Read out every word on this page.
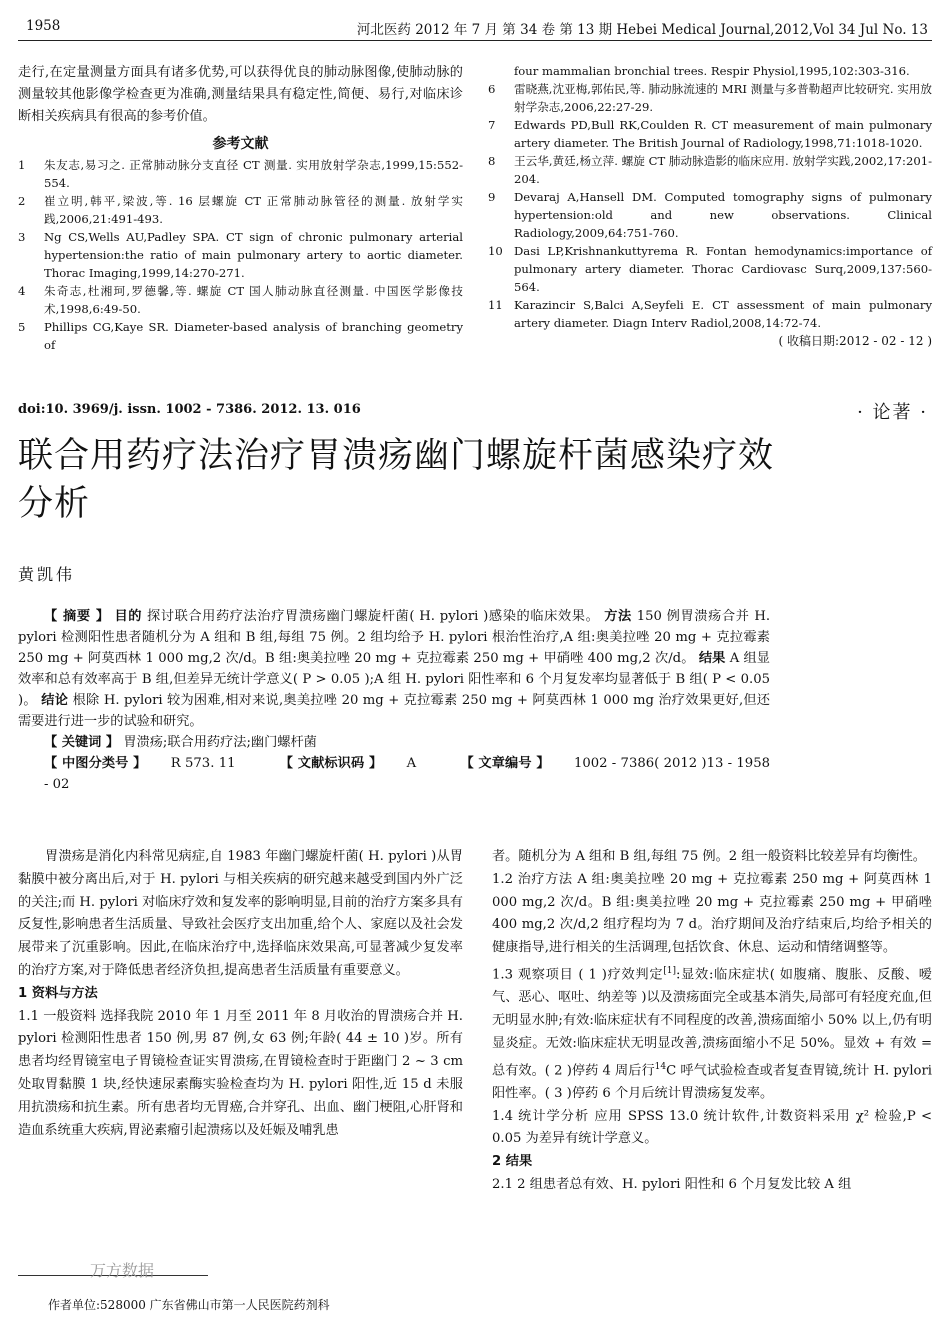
1958	河北医药 2012 年 7 月 第 34 卷 第 13 期 Hebei Medical Journal,2012,Vol 34 Jul No. 13

走行,在定量测量方面具有诸多优势,可以获得优良的肺动脉图像,使肺动脉的测量较其他影像学检查更为准确,测量结果具有稳定性,简便、易行,对临床诊断相关疾病具有很高的参考价值。

参考文献
1	朱友志,易习之. 正常肺动脉分支直径 CT 测量. 实用放射学杂志,1999,15:552-554.
2	崔立明,韩平,梁波,等. 16 层螺旋 CT 正常肺动脉管径的测量. 放射学实践,2006,21:491-493.
3	Ng CS,Wells AU,Padley SPA. CT sign of chronic pulmonary arterial hypertension:the ratio of main pulmonary artery to aortic diameter. Thorac Imaging,1999,14:270-271.
4	朱奇志,杜湘珂,罗德馨,等. 螺旋 CT 国人肺动脉直径测量. 中国医学影像技术,1998,6:49-50.
5	Phillips CG,Kaye SR. Diameter-based analysis of branching geometry of
four mammalian bronchial trees. Respir Physiol,1995,102:303-316.
6	雷晓燕,沈亚梅,郭佑民,等. 肺动脉流速的 MRI 测量与多普勒超声比较研究. 实用放射学杂志,2006,22:27-29.
7	Edwards PD,Bull RK,Coulden R. CT measurement of main pulmonary artery diameter. The British Journal of Radiology,1998,71:1018-1020.
8	王云华,黄廷,杨立萍. 螺旋 CT 肺动脉造影的临床应用. 放射学实践,2002,17:201-204.
9	Devaraj A,Hansell DM. Computed tomography signs of pulmonary hypertension:old and new observations. Clinical Radiology,2009,64:751-760.
10 Dasi LP,Krishnankuttyrema R. Fontan hemodynamics:importance of pulmonary artery diameter. Thorac Cardiovasc Surq,2009,137:560-564.
11 Karazincir S,Balci A,Seyfeli E. CT assessment of main pulmonary artery diameter. Diagn Interv Radiol,2008,14:72-74.
( 收稿日期:2012 - 02 - 12 )
doi:10. 3969/j. issn. 1002 - 7386. 2012. 13. 016	· 论著 ·
联合用药疗法治疗胃溃疡幽门螺旋杆菌感染疗效分析
黄凯伟

【 摘要 】 目的 探讨联合用药疗法治疗胃溃疡幽门螺旋杆菌( H. pylori )感染的临床效果。 方法 150 例胃溃疡合并 H. pylori 检测阳性患者随机分为 A 组和 B 组,每组 75 例。2 组均给予 H. pylori 根治性治疗,A 组:奥美拉唑 20 mg + 克拉霉素 250 mg + 阿莫西林 1 000 mg,2 次/d。B 组:奥美拉唑 20 mg + 克拉霉素 250 mg + 甲硝唑 400 mg,2 次/d。 结果 A 组显效率和总有效率高于 B 组,但差异无统计学意义( P > 0.05 );A 组 H. pylori 阳性率和 6 个月复发率均显著低于 B 组( P < 0.05 )。 结论 根除 H. pylori 较为困难,相对来说,奥美拉唑 20 mg + 克拉霉素 250 mg + 阿莫西林 1 000 mg 治疗效果更好,但还需要进行进一步的试验和研究。

【 关键词 】 胃溃疡;联合用药疗法;幽门螺杆菌

【 中图分类号 】 R 573. 11	【 文献标识码 】 A	【 文章编号 】 1002 - 7386( 2012 )13 - 1958 - 02

胃溃疡是消化内科常见病症,自 1983 年幽门螺旋杆菌( H. pylori )从胃黏膜中被分离出后,对于 H. pylori 与相关疾病的研究越来越受到国内外广泛的关注;而 H. pylori 对临床疗效和复发率的影响明显,目前的治疗方案多具有反复性,影响患者生活质量、导致社会医疗支出加重,给个人、家庭以及社会发展带来了沉重影响。因此,在临床治疗中,选择临床效果高,可显著减少复发率的治疗方案,对于降低患者经济负担,提高患者生活质量有重要意义。

1 资料与方法

1.1 一般资料 选择我院 2010 年 1 月至 2011 年 8 月收治的胃溃疡合并 H. pylori 检测阳性患者 150 例,男 87 例,女 63 例;年龄( 44 ± 10 )岁。所有患者均经胃镜室电子胃镜检查证实胃溃疡,在胃镜检查时于距幽门 2 ~ 3 cm 处取胃黏膜 1 块,经快速尿素酶实验检查均为 H. pylori 阳性,近 15 d 未服用抗溃疡和抗生素。所有患者均无胃癌,合并穿孔、出血、幽门梗阻,心肝肾和造血系统重大疾病,胃泌素瘤引起溃疡以及妊娠及哺乳患

者。随机分为 A 组和 B 组,每组 75 例。2 组一般资料比较差异有均衡性。

1.2 治疗方法 A 组:奥美拉唑 20 mg + 克拉霉素 250 mg + 阿莫西林 1 000 mg,2 次/d。B 组:奥美拉唑 20 mg + 克拉霉素 250 mg + 甲硝唑 400 mg,2 次/d,2 组疗程均为 7 d。治疗期间及治疗结束后,均给予相关的健康指导,进行相关的生活调理,包括饮食、休息、运动和情绪调整等。

1.3 观察项目 ( 1 )疗效判定[1]:显效:临床症状( 如腹痛、腹胀、反酸、嗳气、恶心、呕吐、纳差等 )以及溃疡面完全或基本消失,局部可有轻度充血,但无明显水肿;有效:临床症状有不同程度的改善,溃疡面缩小 50% 以上,仍有明显炎症。无效:临床症状无明显改善,溃疡面缩小不足 50%。显效 + 有效 = 总有效。( 2 )停药 4 周后行$^{14}$C 呼气试验检查或者复查胃镜,统计 H. pylori 阳性率。( 3 )停药 6 个月后统计胃溃疡复发率。

1.4 统计学分析 应用 SPSS 13.0 统计软件,计数资料采用 χ² 检验,P < 0.05 为差异有统计学意义。

2 结果

2.1 2 组患者总有效、H. pylori 阳性和 6 个月复发比较 A 组

万方数据
作者单位:528000 广东省佛山市第一人民医院药剂科
